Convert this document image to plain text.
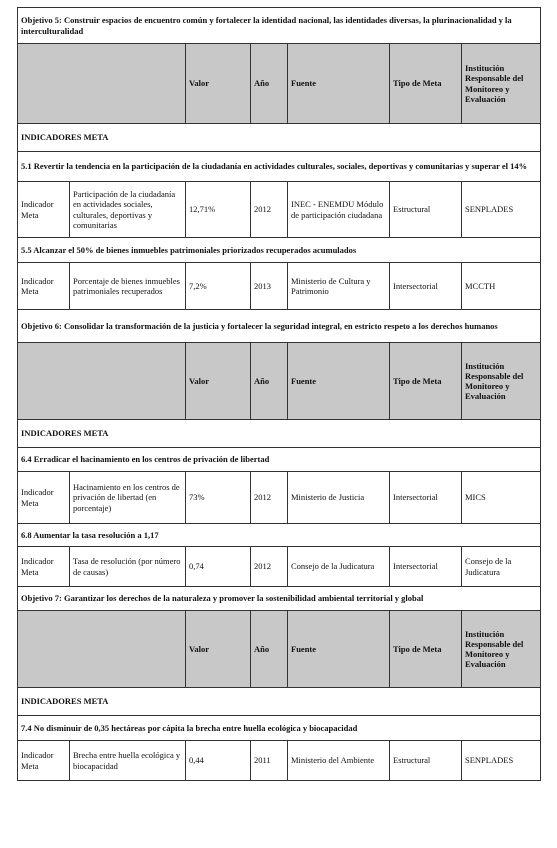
Objetivo 5: Construir espacios de encuentro común y fortalecer la identidad nacional, las identidades diversas, la plurinacionalidad y la interculturalidad						
		Valor	Año	Fuente	Tipo de Meta	Institución Responsable del Monitoreo y Evaluación
INDICADORES META						
5.1 Revertir la tendencia en la participación de la ciudadanía en actividades culturales, sociales, deportivas y comunitarias y superar el 14%						
Indicador Meta	Participación de la ciudadanía en actividades sociales, culturales, deportivas y comunitarias	12,71%	2012	INEC - ENEMDU Módulo de participación ciudadana	Estructural	SENPLADES
5.5 Alcanzar el 50% de bienes inmuebles patrimoniales priorizados recuperados acumulados						
Indicador Meta	Porcentaje de bienes inmuebles patrimoniales recuperados	7,2%	2013	Ministerio de Cultura y Patrimonio	Intersectorial	MCCTH
Objetivo 6: Consolidar la transformación de la justicia y fortalecer la seguridad integral, en estricto respeto a los derechos humanos						
		Valor	Año	Fuente	Tipo de Meta	Institución Responsable del Monitoreo y Evaluación
INDICADORES META						
6.4 Erradicar el hacinamiento en los centros de privación de libertad						
Indicador Meta	Hacinamiento en los centros de privación de libertad (en porcentaje)	73%	2012	Ministerio de Justicia	Intersectorial	MICS
6.8 Aumentar la tasa resolución a 1,17						
Indicador Meta	Tasa de resolución (por número de causas)	0,74	2012	Consejo de la Judicatura	Intersectorial	Consejo de la Judicatura
Objetivo 7: Garantizar los derechos de la naturaleza y promover la sostenibilidad ambiental territorial y global						
		Valor	Año	Fuente	Tipo de Meta	Institución Responsable del Monitoreo y Evaluación
INDICADORES META						
7.4 No disminuir de 0,35 hectáreas por cápita la brecha entre huella ecológica y biocapacidad						
Indicador Meta	Brecha entre huella ecológica y biocapacidad	0,44	2011	Ministerio del Ambiente	Estructural	SENPLADES
